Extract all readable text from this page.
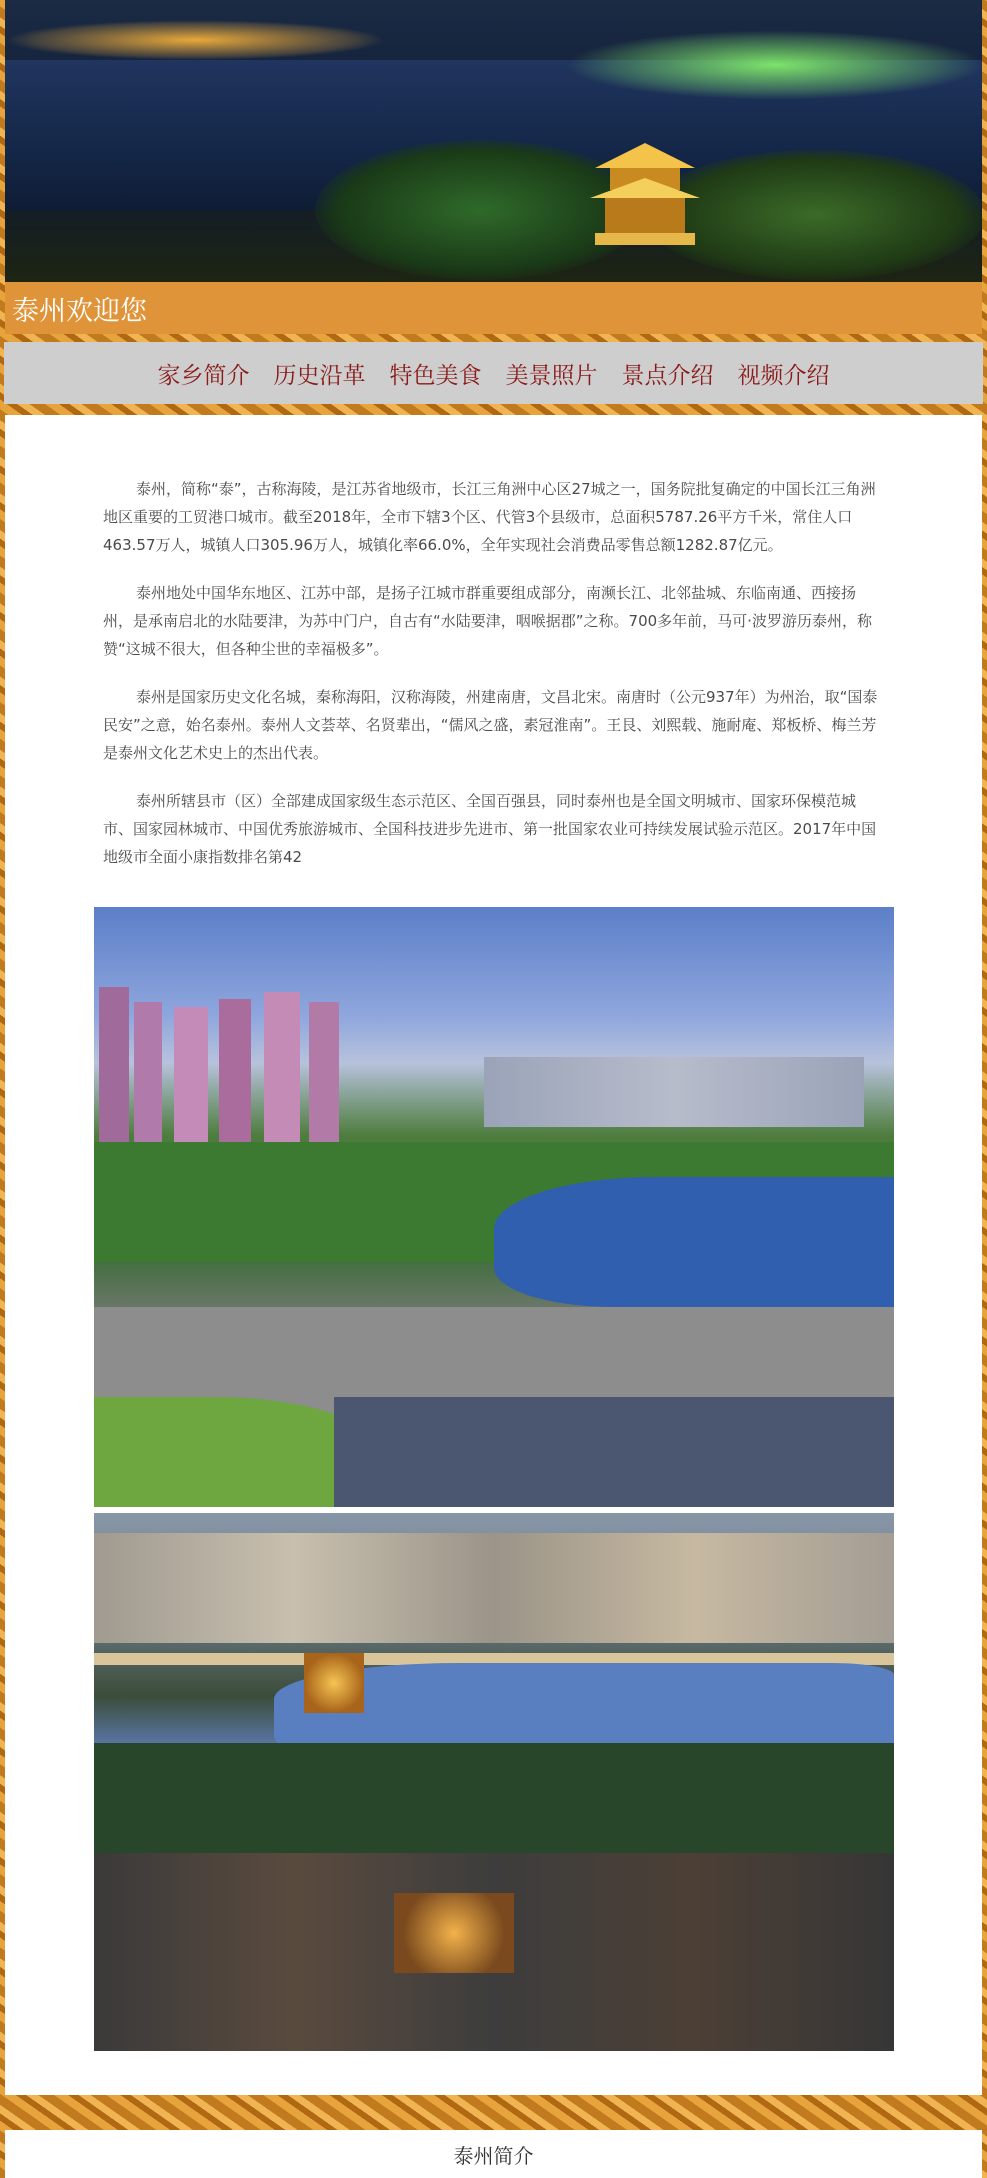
泰州欢迎您
家乡简介 历史沿革 特色美食 美景照片 景点介绍 视频介绍

泰州，简称“泰”，古称海陵，是江苏省地级市，长江三角洲中心区27城之一，国务院批复确定的中国长江三角洲地区重要的工贸港口城市。截至2018年，全市下辖3个区、代管3个县级市，总面积5787.26平方千米，常住人口463.57万人，城镇人口305.96万人，城镇化率66.0%，全年实现社会消费品零售总额1282.87亿元。

泰州地处中国华东地区、江苏中部，是扬子江城市群重要组成部分，南濒长江、北邻盐城、东临南通、西接扬州，是承南启北的水陆要津，为苏中门户，自古有“水陆要津，咽喉据郡”之称。700多年前，马可·波罗游历泰州，称赞“这城不很大，但各种尘世的幸福极多”。

泰州是国家历史文化名城，秦称海阳，汉称海陵，州建南唐，文昌北宋。南唐时（公元937年）为州治，取“国泰民安”之意，始名泰州。泰州人文荟萃、名贤辈出，“儒风之盛，素冠淮南”。王艮、刘熙载、施耐庵、郑板桥、梅兰芳是泰州文化艺术史上的杰出代表。

泰州所辖县市（区）全部建成国家级生态示范区、全国百强县，同时泰州也是全国文明城市、国家环保模范城市、国家园林城市、中国优秀旅游城市、全国科技进步先进市、第一批国家农业可持续发展试验示范区。2017年中国地级市全面小康指数排名第42

泰州简介
